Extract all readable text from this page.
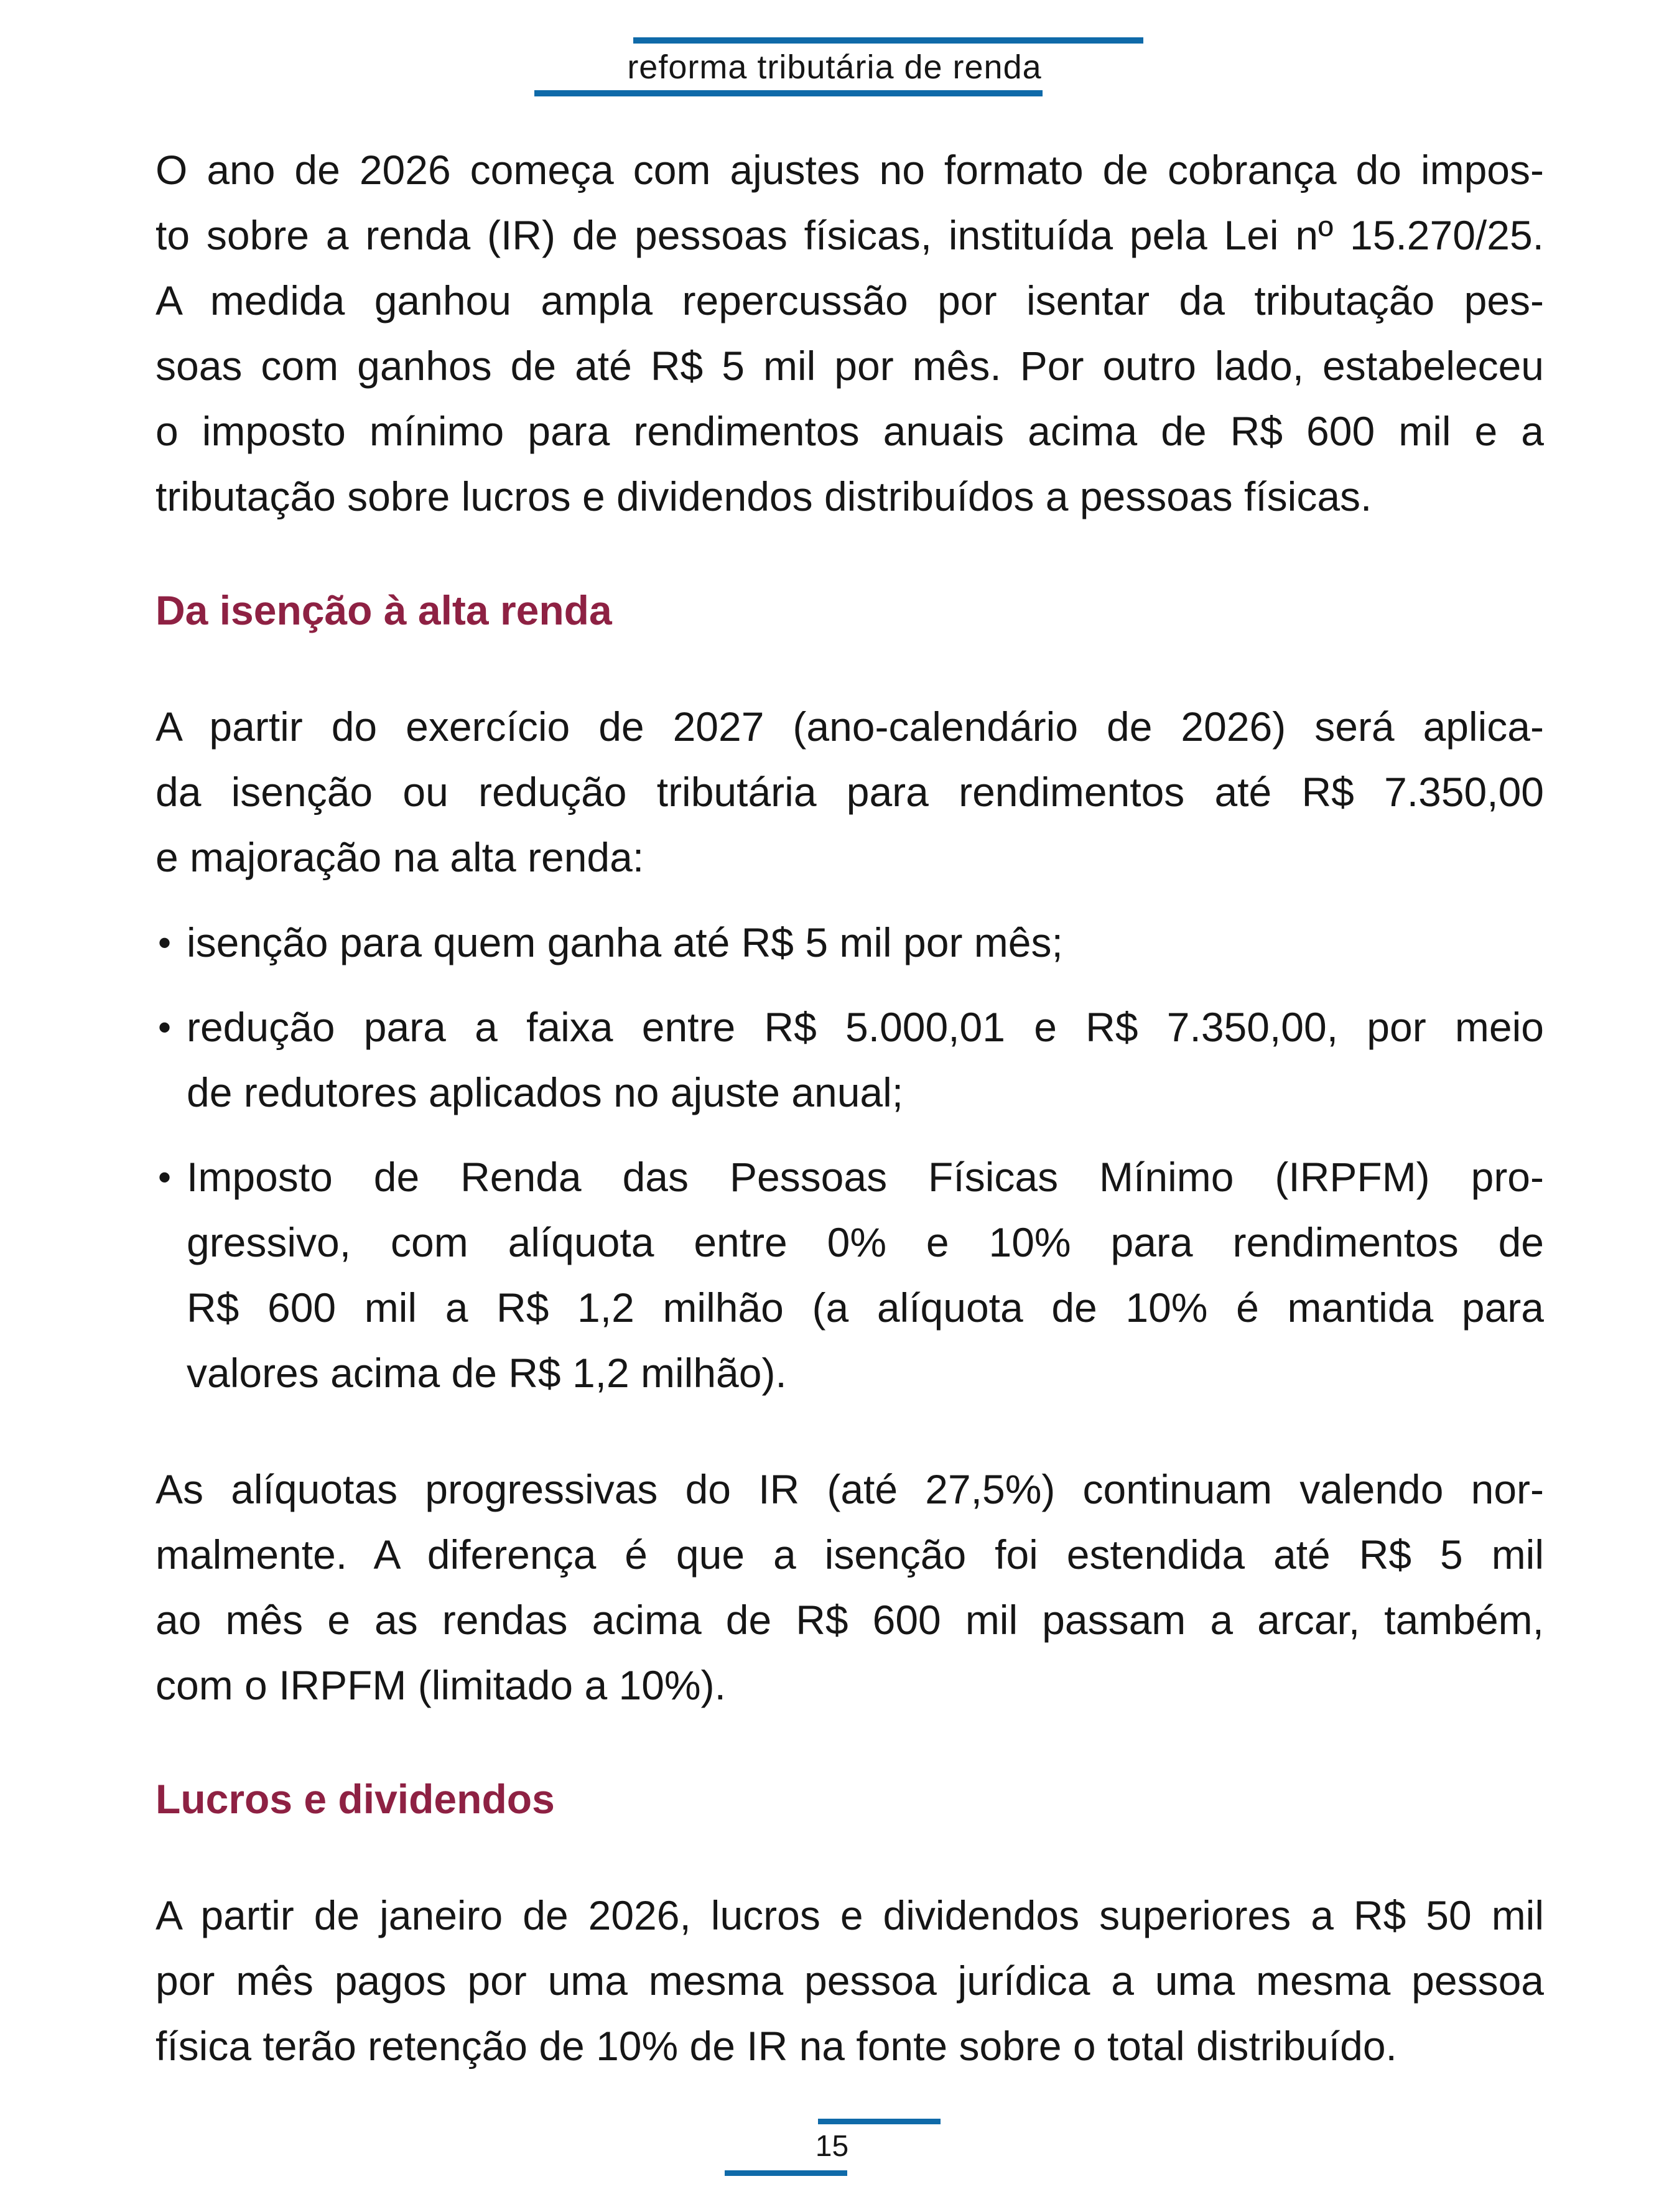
reforma tributária de renda
O ano de 2026 começa com ajustes no formato de cobrança do impos-
to sobre a renda (IR) de pessoas físicas, instituída pela Lei nº 15.270/25.
A medida ganhou ampla repercussão por isentar da tributação pes-
soas com ganhos de até R$ 5 mil por mês. Por outro lado, estabeleceu
o imposto mínimo para rendimentos anuais acima de R$ 600 mil e a
tributação sobre lucros e dividendos distribuídos a pessoas físicas.
Da isenção à alta renda
A partir do exercício de 2027 (ano-calendário de 2026) será aplica-
da isenção ou redução tributária para rendimentos até R$ 7.350,00
e majoração na alta renda:
• isenção para quem ganha até R$ 5 mil por mês;
• redução para a faixa entre R$ 5.000,01 e R$ 7.350,00, por meio
de redutores aplicados no ajuste anual;
• Imposto de Renda das Pessoas Físicas Mínimo (IRPFM) pro-
gressivo, com alíquota entre 0% e 10% para rendimentos de
R$ 600 mil a R$ 1,2 milhão (a alíquota de 10% é mantida para
valores acima de R$ 1,2 milhão).
As alíquotas progressivas do IR (até 27,5%) continuam valendo nor-
malmente. A diferença é que a isenção foi estendida até R$ 5 mil
ao mês e as rendas acima de R$ 600 mil passam a arcar, também,
com o IRPFM (limitado a 10%).
Lucros e dividendos
A partir de janeiro de 2026, lucros e dividendos superiores a R$ 50 mil
por mês pagos por uma mesma pessoa jurídica a uma mesma pessoa
física terão retenção de 10% de IR na fonte sobre o total distribuído.
15
